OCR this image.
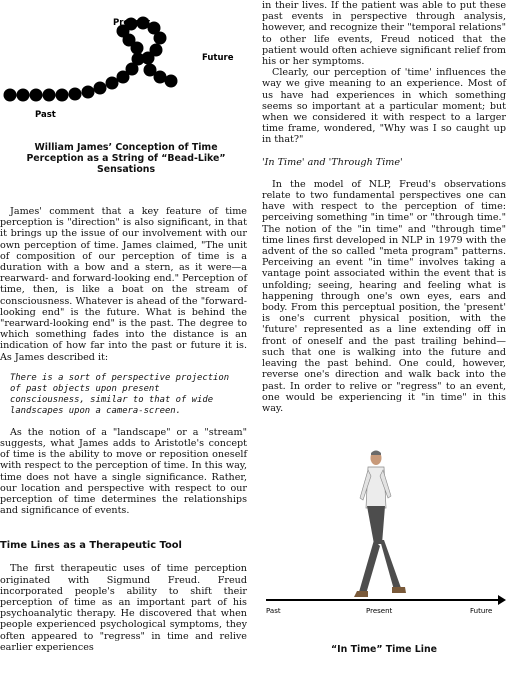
Present
Future
Past
William James’ Conception of Time
Perception as a String of “Bead-Like”
Sensations

James' comment that a key feature of time perception is "direction" is also significant, in that it brings up the issue of our involvement with our own perception of time. James claimed, "The unit of composition of our perception of time is a duration with a bow and a stern, as it were—a rearward- and forward-looking end." Perception of time, then, is like a boat on the stream of consciousness. Whatever is ahead of the "forward-looking end" is the future. What is behind the "rearward-looking end" is the past. The degree to which something fades into the distance is an indication of how far into the past or future it is. As James described it:

There is a sort of perspective projection of past objects upon present consciousness, similar to that of wide landscapes upon a camera-screen.

As the notion of a "landscape" or a "stream" suggests, what James adds to Aristotle's concept of time is the ability to move or reposition oneself with respect to the perception of time. In this way, time does not have a single significance. Rather, our location and perspective with respect to our perception of time determines the relationships and significance of events.

Time Lines as a Therapeutic Tool

The first therapeutic uses of time perception originated with Sigmund Freud. Freud incorporated people's ability to shift their perception of time as an important part of his psychoanalytic therapy. He discovered that when people experienced psychological symptoms, they often appeared to "regress" in time and relive earlier experiences

in their lives. If the patient was able to put these past events in perspective through analysis, however, and recognize their "temporal relations" to other life events, Freud noticed that the patient would often achieve significant relief from his or her symptoms.

Clearly, our perception of 'time' influences the way we give meaning to an experience. Most of us have had experiences in which something seems so important at a particular moment; but when we considered it with respect to a larger time frame, wondered, "Why was I so caught up in that?"

'In Time' and 'Through Time'

In the model of NLP, Freud's observations relate to two fundamental perspectives one can have with respect to the perception of time: perceiving something "in time" or "through time." The notion of the "in time" and "through time" time lines first developed in NLP in 1979 with the advent of the so called "meta program" patterns. Perceiving an event "in time" involves taking a vantage point associated within the event that is unfolding; seeing, hearing and feeling what is happening through one's own eyes, ears and body. From this perceptual position, the 'present' is one's current physical position, with the 'future' represented as a line extending off in front of oneself and the past trailing behind—such that one is walking into the future and leaving the past behind. One could, however, reverse one's direction and walk back into the past. In order to relive or "regress" to an event, one would be experiencing it "in time" in this way.

Past	Present	Future
“In Time” Time Line
